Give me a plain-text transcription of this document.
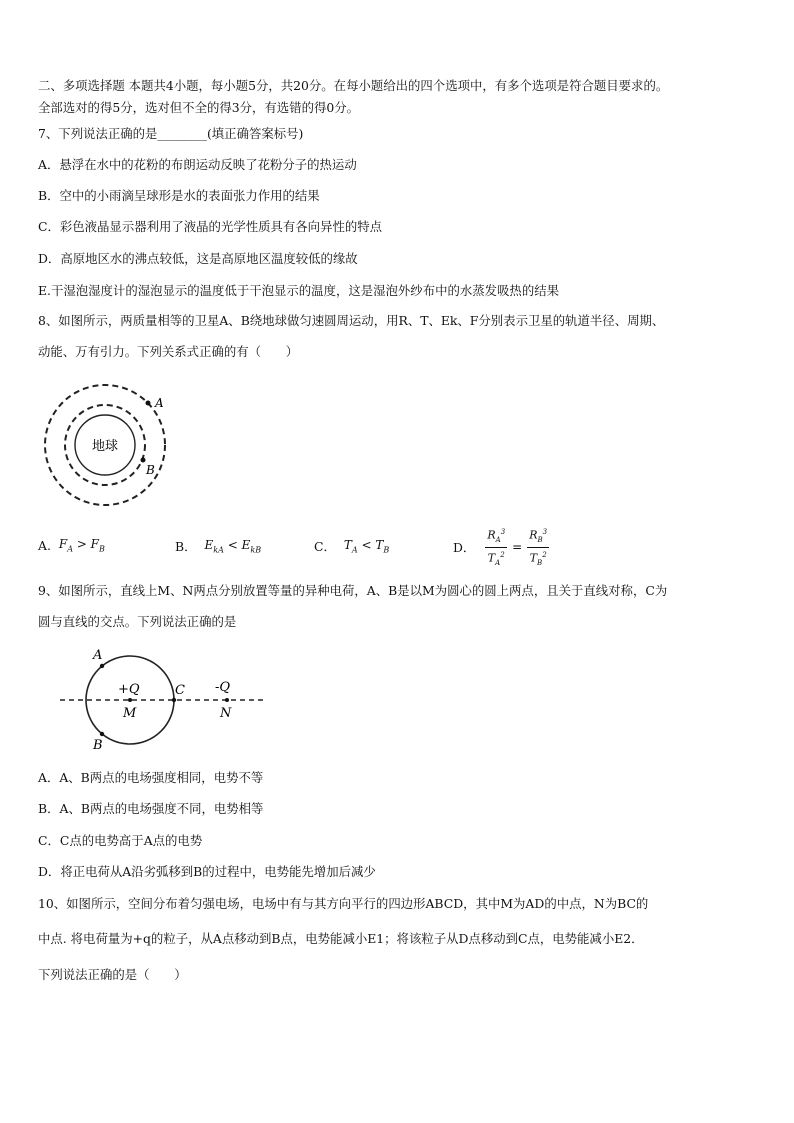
二、多项选择题 本题共4小题，每小题5分，共20分。在每小题给出的四个选项中，有多个选项是符合题目要求的。
全部选对的得5分，选对但不全的得3分，有选错的得0分。
7、下列说法正确的是________(填正确答案标号)
A．悬浮在水中的花粉的布朗运动反映了花粉分子的热运动
B．空中的小雨滴呈球形是水的表面张力作用的结果
C．彩色液晶显示器利用了液晶的光学性质具有各向异性的特点
D．高原地区水的沸点较低，这是高原地区温度较低的缘故
E.干湿泡湿度计的湿泡显示的温度低于干泡显示的温度，这是湿泡外纱布中的水蒸发吸热的结果
8、如图所示，两质量相等的卫星A、B绕地球做匀速圆周运动，用R、T、Ek、F分别表示卫星的轨道半径、周期、
动能、万有引力。下列关系式正确的有（　　）
地球
A
B
A. $F_A > F_B$	B． $E_{kA} < E_{kB}$	C． $T_A < T_B$	D． $\frac{R_A^3}{T_A^2} = \frac{R_B^3}{T_B^2}$
9、如图所示，直线上M、N两点分别放置等量的异种电荷，A、B是以M为圆心的圆上两点，且关于直线对称，C为
圆与直线的交点。下列说法正确的是
A
B
+Q
M
C -Q
N
A．A、B两点的电场强度相同，电势不等
B．A、B两点的电场强度不同，电势相等
C．C点的电势高于A点的电势
D．将正电荷从A沿劣弧移到B的过程中，电势能先增加后减少
10、如图所示，空间分布着匀强电场，电场中有与其方向平行的四边形ABCD，其中M为AD的中点，N为BC的
中点. 将电荷量为+q的粒子，从A点移动到B点，电势能减小E1；将该粒子从D点移动到C点，电势能减小E2．
下列说法正确的是（　　）
